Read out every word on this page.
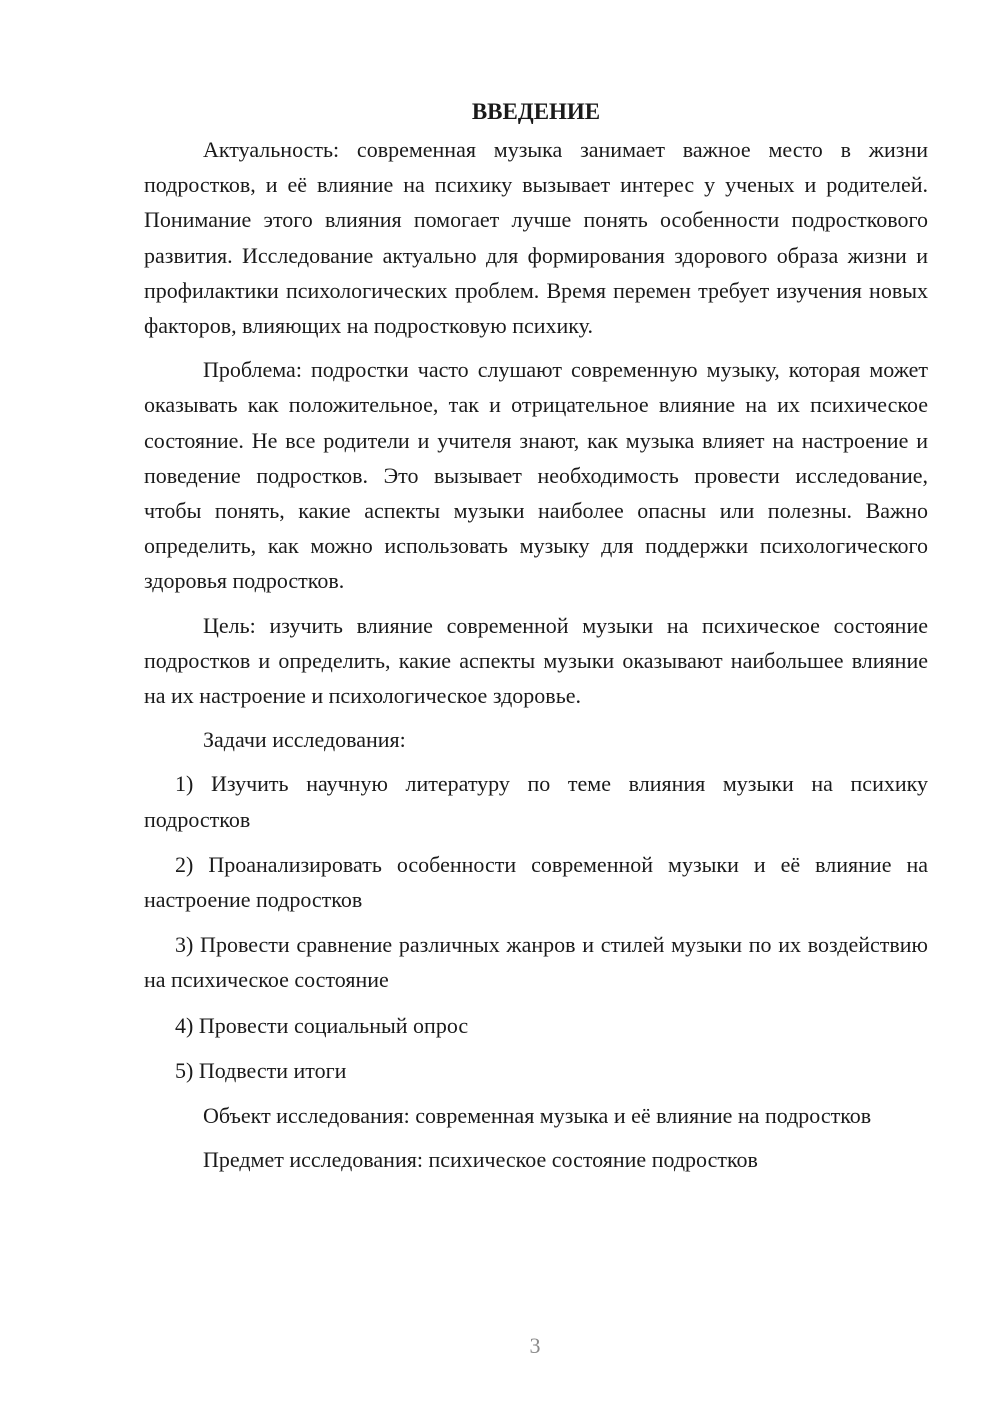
ВВЕДЕНИЕ

Актуальность: современная музыка занимает важное место в жизни подростков, и её влияние на психику вызывает интерес у ученых и родителей. Понимание этого влияния помогает лучше понять особенности подросткового развития. Исследование актуально для формирования здорового образа жизни и профилактики психологических проблем. Время перемен требует изучения новых факторов, влияющих на подростковую психику.

Проблема: подростки часто слушают современную музыку, которая может оказывать как положительное, так и отрицательное влияние на их психическое состояние. Не все родители и учителя знают, как музыка влияет на настроение и поведение подростков. Это вызывает необходимость провести исследование, чтобы понять, какие аспекты музыки наиболее опасны или полезны. Важно определить, как можно использовать музыку для поддержки психологического здоровья подростков.

Цель: изучить влияние современной музыки на психическое состояние подростков и определить, какие аспекты музыки оказывают наибольшее влияние на их настроение и психологическое здоровье.

Задачи исследования:

1) Изучить научную литературу по теме влияния музыки на психику подростков

2) Проанализировать особенности современной музыки и её влияние на настроение подростков

3) Провести сравнение различных жанров и стилей музыки по их воздействию на психическое состояние

4) Провести социальный опрос

5) Подвести итоги

Объект исследования: современная музыка и её влияние на подростков

Предмет исследования: психическое состояние подростков

3
